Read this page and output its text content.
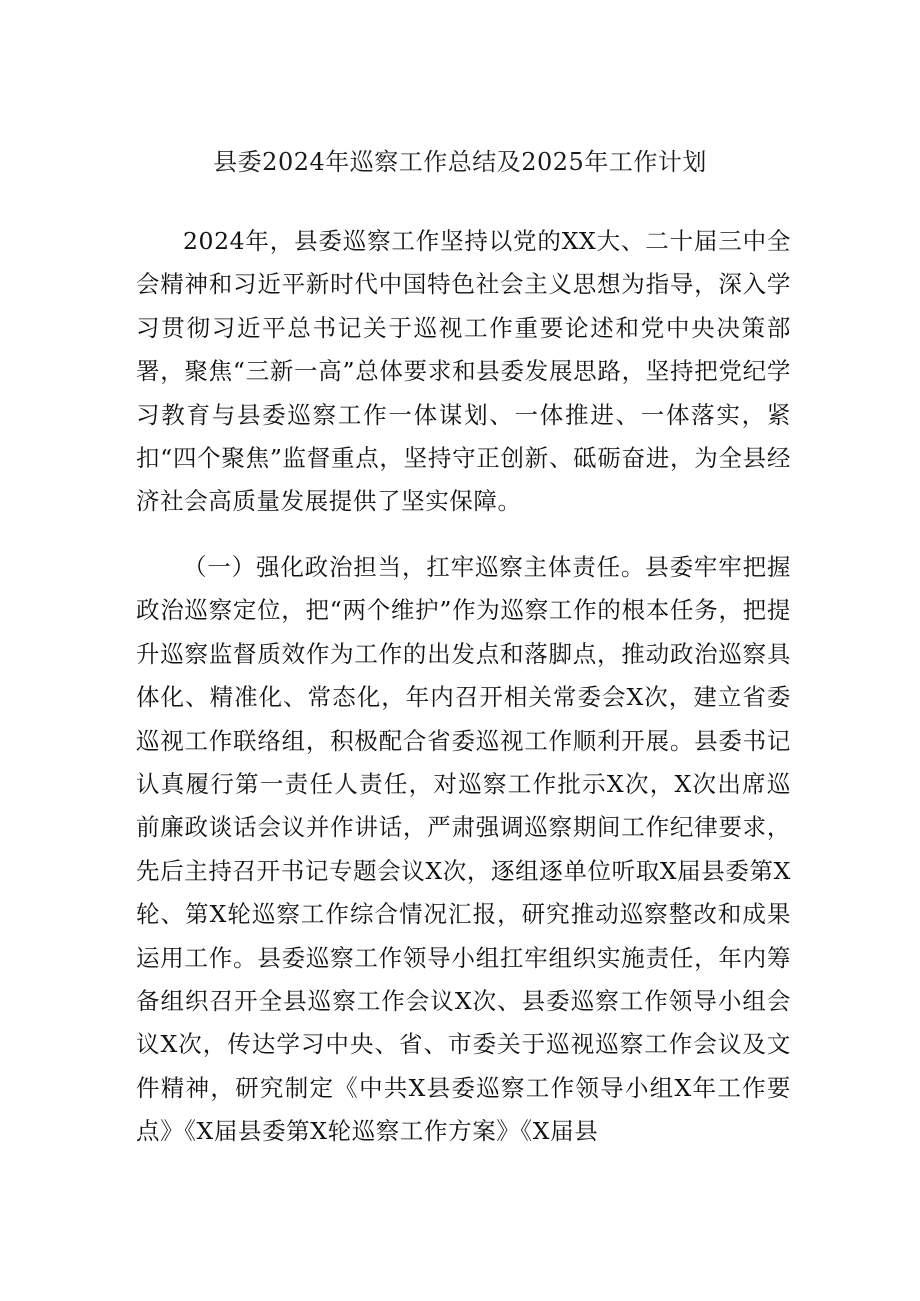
县委2024年巡察工作总结及2025年工作计划

2024年，县委巡察工作坚持以党的XX大、二十届三中全会精神和习近平新时代中国特色社会主义思想为指导，深入学习贯彻习近平总书记关于巡视工作重要论述和党中央决策部署，聚焦“三新一高”总体要求和县委发展思路，坚持把党纪学习教育与县委巡察工作一体谋划、一体推进、一体落实，紧扣“四个聚焦”监督重点，坚持守正创新、砥砺奋进，为全县经济社会高质量发展提供了坚实保障。

（一）强化政治担当，扛牢巡察主体责任。县委牢牢把握政治巡察定位，把“两个维护”作为巡察工作的根本任务，把提升巡察监督质效作为工作的出发点和落脚点，推动政治巡察具体化、精准化、常态化，年内召开相关常委会X次，建立省委巡视工作联络组，积极配合省委巡视工作顺利开展。县委书记认真履行第一责任人责任，对巡察工作批示X次，X次出席巡前廉政谈话会议并作讲话，严肃强调巡察期间工作纪律要求，先后主持召开书记专题会议X次，逐组逐单位听取X届县委第X轮、第X轮巡察工作综合情况汇报，研究推动巡察整改和成果运用工作。县委巡察工作领导小组扛牢组织实施责任，年内筹备组织召开全县巡察工作会议X次、县委巡察工作领导小组会议X次，传达学习中央、省、市委关于巡视巡察工作会议及文件精神，研究制定《中共X县委巡察工作领导小组X年工作要点》《X届县委第X轮巡察工作方案》《X届县
